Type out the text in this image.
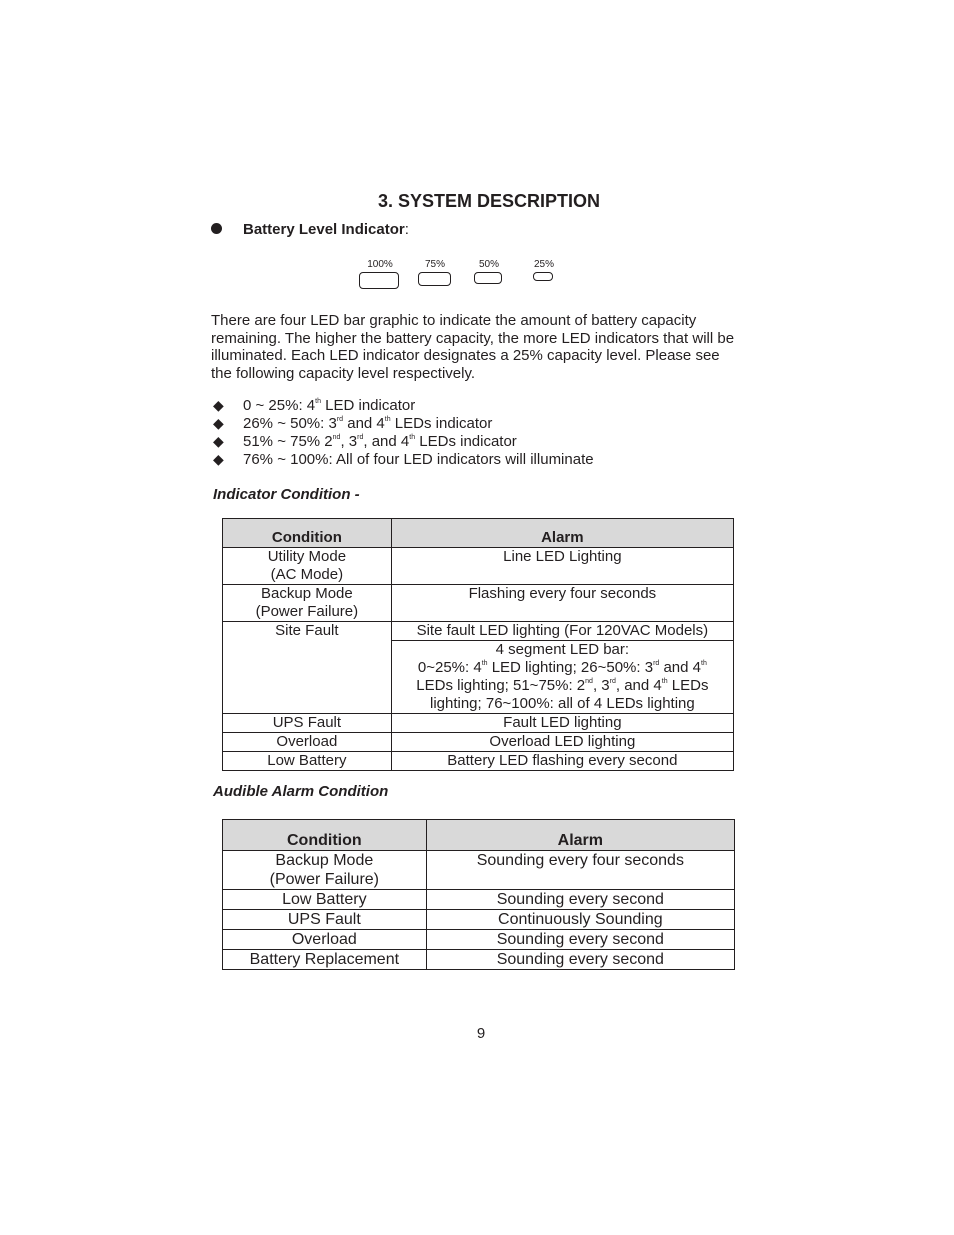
3. SYSTEM DESCRIPTION
Battery Level Indicator:
100%	75%	50%	25%

There are four LED bar graphic to indicate the amount of battery capacity remaining. The higher the battery capacity, the more LED indicators that will be illuminated. Each LED indicator designates a 25% capacity level. Please see the following capacity level respectively.

◆ 0 ~ 25%: 4th LED indicator
◆ 26% ~ 50%: 3rd and 4th LEDs indicator
◆ 51% ~ 75% 2nd, 3rd, and 4th LEDs indicator
◆ 76% ~ 100%: All of four LED indicators will illuminate
Indicator Condition -
Condition	Alarm

Utility Mode
(AC Mode)	Line LED Lighting

Backup Mode
(Power Failure)	Flashing every four seconds

Site Fault	Site fault LED lighting (For 120VAC Models)

	4 segment LED bar:
0~25%: 4th LED lighting; 26~50%: 3rd and 4th
LEDs lighting; 51~75%: 2nd, 3rd, and 4th LEDs
lighting; 76~100%: all of 4 LEDs lighting

UPS Fault	Fault LED lighting

Overload	Overload LED lighting

Low Battery	Battery LED flashing every second
Audible Alarm Condition
Condition	Alarm

Backup Mode
(Power Failure)	Sounding every four seconds

Low Battery	Sounding every second

UPS Fault	Continuously Sounding

Overload	Sounding every second

Battery Replacement	Sounding every second
9
